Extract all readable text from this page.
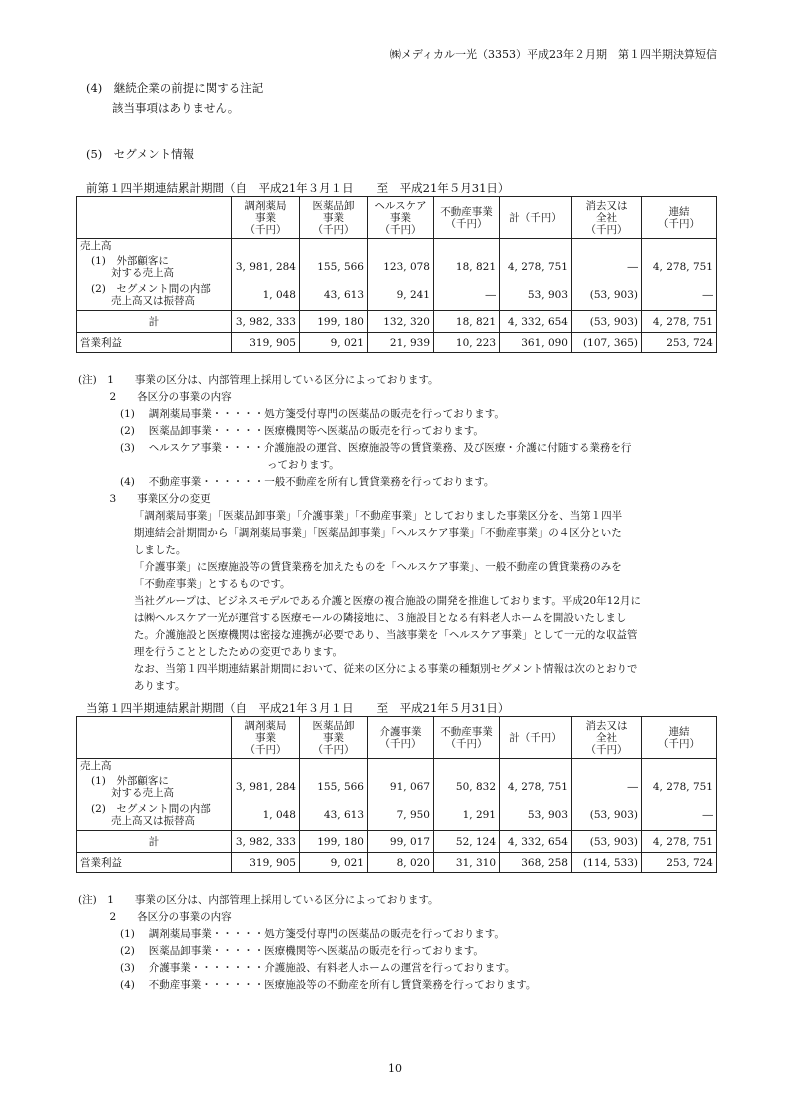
㈱メディカル一光（3353）平成23年２月期　第１四半期決算短信
(4)　継続企業の前提に関する注記
該当事項はありません。
(5)　セグメント情報
前第１四半期連結累計期間（自　平成21年３月１日　　至　平成21年５月31日）

	調剤薬局
事業
（千円）	医薬品卸
事業
（千円）	ヘルスケア
事業
（千円）	不動産事業
（千円）	計（千円）	消去又は
全社
（千円）	連結
（千円）

売上高							

(1)　外部顧客に
対する売上高	3, 981, 284	155, 566	123, 078	18, 821	4, 278, 751	―	4, 278, 751

(2)　セグメント間の内部
売上高又は振替高	1, 048	43, 613	9, 241	―	53, 903	(53, 903)	―
計	3, 982, 333	199, 180	132, 320	18, 821	4, 332, 654	(53, 903)	4, 278, 751
営業利益	319, 905	9, 021	21, 939	10, 223	361, 090	(107, 365)	253, 724
(注)　1　　事業の区分は、内部管理上採用している区分によっております。
　　　2　　各区分の事業の内容
　　　　(1)　 調剤薬局事業・・・・・処方箋受付専門の医薬品の販売を行っております。
　　　　(2)　 医薬品卸事業・・・・・医療機関等へ医薬品の販売を行っております。
　　　　(3)　 ヘルスケア事業・・・・介護施設の運営、医療施設等の賃貸業務、及び医療・介護に付随する業務を行
　　　　　　　　　　　　　　　　　　っております。
　　　　(4)　 不動産事業・・・・・・一般不動産を所有し賃貸業務を行っております。
　　　3　　事業区分の変更
　　　　　 「調剤薬局事業」「医薬品卸事業」「介護事業」「不動産事業」としておりました事業区分を、当第１四半
　　　　　 期連結会計期間から「調剤薬局事業」「医薬品卸事業」「ヘルスケア事業」「不動産事業」の４区分といた
　　　　　 しました。
　　　　　 「介護事業」に医療施設等の賃貸業務を加えたものを「ヘルスケア事業」、一般不動産の賃貸業務のみを
　　　　　 「不動産事業」とするものです。
　　　　　 当社グループは、ビジネスモデルである介護と医療の複合施設の開発を推進しております。平成20年12月に
　　　　　 は㈱ヘルスケア一光が運営する医療モールの隣接地に、３施設目となる有料老人ホームを開設いたしまし
　　　　　 た。介護施設と医療機関は密接な連携が必要であり、当該事業を「ヘルスケア事業」として一元的な収益管
　　　　　 理を行うこととしたための変更であります。
　　　　　 なお、当第１四半期連結累計期間において、従来の区分による事業の種類別セグメント情報は次のとおりで
　　　　　 あります。
当第１四半期連結累計期間（自　平成21年３月１日　　至　平成21年５月31日）

	調剤薬局
事業
（千円）	医薬品卸
事業
（千円）	介護事業
（千円）	不動産事業
（千円）	計（千円）	消去又は
全社
（千円）	連結
（千円）

売上高							

(1)　外部顧客に
対する売上高	3, 981, 284	155, 566	91, 067	50, 832	4, 278, 751	―	4, 278, 751

(2)　セグメント間の内部
売上高又は振替高	1, 048	43, 613	7, 950	1, 291	53, 903	(53, 903)	―
計	3, 982, 333	199, 180	99, 017	52, 124	4, 332, 654	(53, 903)	4, 278, 751
営業利益	319, 905	9, 021	8, 020	31, 310	368, 258	(114, 533)	253, 724
(注)　1　　事業の区分は、内部管理上採用している区分によっております。
　　　2　　各区分の事業の内容
　　　　(1)　 調剤薬局事業・・・・・処方箋受付専門の医薬品の販売を行っております。
　　　　(2)　 医薬品卸事業・・・・・医療機関等へ医薬品の販売を行っております。
　　　　(3)　 介護事業・・・・・・・介護施設、有料老人ホームの運営を行っております。
　　　　(4)　 不動産事業・・・・・・医療施設等の不動産を所有し賃貸業務を行っております。
10
